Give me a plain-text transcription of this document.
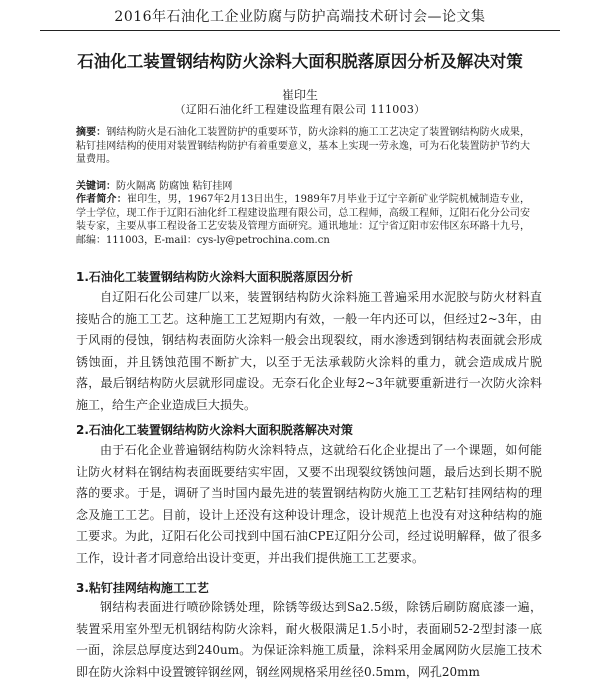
2016年石油化工企业防腐与防护高端技术研讨会—论文集
石油化工装置钢结构防火涂料大面积脱落原因分析及解决对策
崔印生
（辽阳石油化纤工程建设监理有限公司 111003）
摘要：钢结构防火是石油化工装置防护的重要环节，防火涂料的施工工艺决定了装置钢结构防火成果，粘钉挂网结构的使用对装置钢结构防护有着重要意义，基本上实现一劳永逸，可为石化装置防护节约大量费用。
关键词：防火隔离 防腐蚀 粘钉挂网
作者简介：崔印生，男，1967年2月13日出生，1989年7月毕业于辽宁辛新矿业学院机械制造专业，学士学位，现工作于辽阳石油化纤工程建设监理有限公司，总工程师，高级工程师，辽阳石化分公司安装专家，主要从事工程设备工艺安装及管理方面研究。通讯地址：辽宁省辽阳市宏伟区东环路十九号，邮编：111003，E-mail：cys-ly@petrochina.com.cn
1.石油化工装置钢结构防火涂料大面积脱落原因分析
自辽阳石化公司建厂以来，装置钢结构防火涂料施工普遍采用水泥胶与防火材料直接贴合的施工工艺。这种施工工艺短期内有效，一般一年内还可以，但经过2~3年，由于风雨的侵蚀，钢结构表面防火涂料一般会出现裂纹，雨水渗透到钢结构表面就会形成锈蚀面，并且锈蚀范围不断扩大，以至于无法承载防火涂料的重力，就会造成成片脱落，最后钢结构防火层就形同虚设。无奈石化企业每2~3年就要重新进行一次防火涂料施工，给生产企业造成巨大损失。
2.石油化工装置钢结构防火涂料大面积脱落解决对策
由于石化企业普遍钢结构防火涂料特点，这就给石化企业提出了一个课题，如何能让防火材料在钢结构表面既要结实牢固，又要不出现裂纹锈蚀问题，最后达到长期不脱落的要求。于是，调研了当时国内最先进的装置钢结构防火施工工艺粘钉挂网结构的理念及施工工艺。目前，设计上还没有这种设计理念，设计规范上也没有对这种结构的施工要求。为此，辽阳石化公司找到中国石油CPE辽阳分公司，经过说明解释，做了很多工作，设计者才同意给出设计变更，并出我们提供施工工艺要求。
3.粘钉挂网结构施工工艺
钢结构表面进行喷砂除锈处理，除锈等级达到Sa2.5级，除锈后刷防腐底漆一遍，装置采用室外型无机钢结构防火涂料，耐火极限满足1.5小时，表面刷52-2型封漆一底一面，涂层总厚度达到240um。为保证涂料施工质量，涂料采用金属网防火层施工技术即在防火涂料中设置镀锌钢丝网，钢丝网规格采用丝径0.5mm，网孔20mm
